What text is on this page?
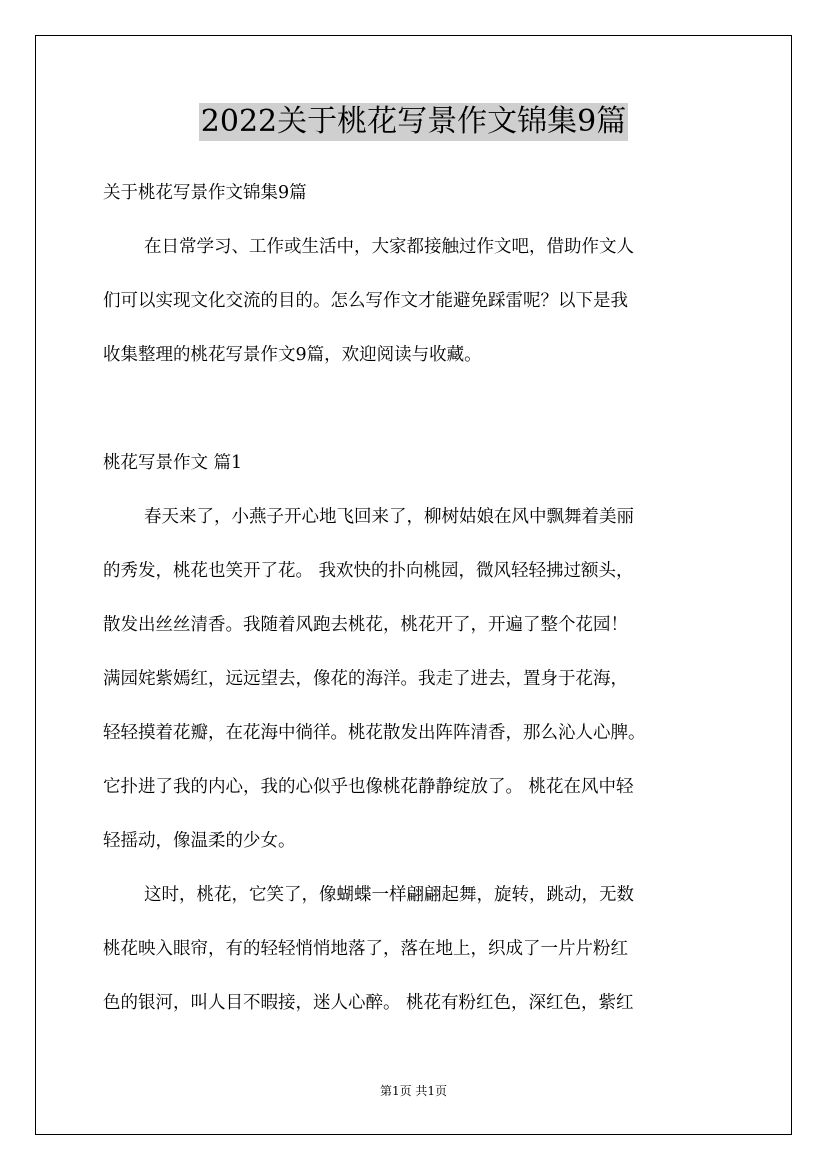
2022关于桃花写景作文锦集9篇
关于桃花写景作文锦集9篇
在日常学习、工作或生活中，大家都接触过作文吧，借助作文人
们可以实现文化交流的目的。怎么写作文才能避免踩雷呢？以下是我
收集整理的桃花写景作文9篇，欢迎阅读与收藏。
桃花写景作文 篇1
春天来了，小燕子开心地飞回来了，柳树姑娘在风中飘舞着美丽
的秀发，桃花也笑开了花。 我欢快的扑向桃园，微风轻轻拂过额头，
散发出丝丝清香。我随着风跑去桃花，桃花开了，开遍了整个花园！
满园姹紫嫣红，远远望去，像花的海洋。我走了进去，置身于花海，
轻轻摸着花瓣，在花海中徜徉。桃花散发出阵阵清香，那么沁人心脾。
它扑进了我的内心，我的心似乎也像桃花静静绽放了。 桃花在风中轻
轻摇动，像温柔的少女。
这时，桃花，它笑了，像蝴蝶一样翩翩起舞，旋转，跳动，无数
桃花映入眼帘，有的轻轻悄悄地落了，落在地上，织成了一片片粉红
色的银河，叫人目不暇接，迷人心醉。 桃花有粉红色，深红色，紫红
第1页 共1页
